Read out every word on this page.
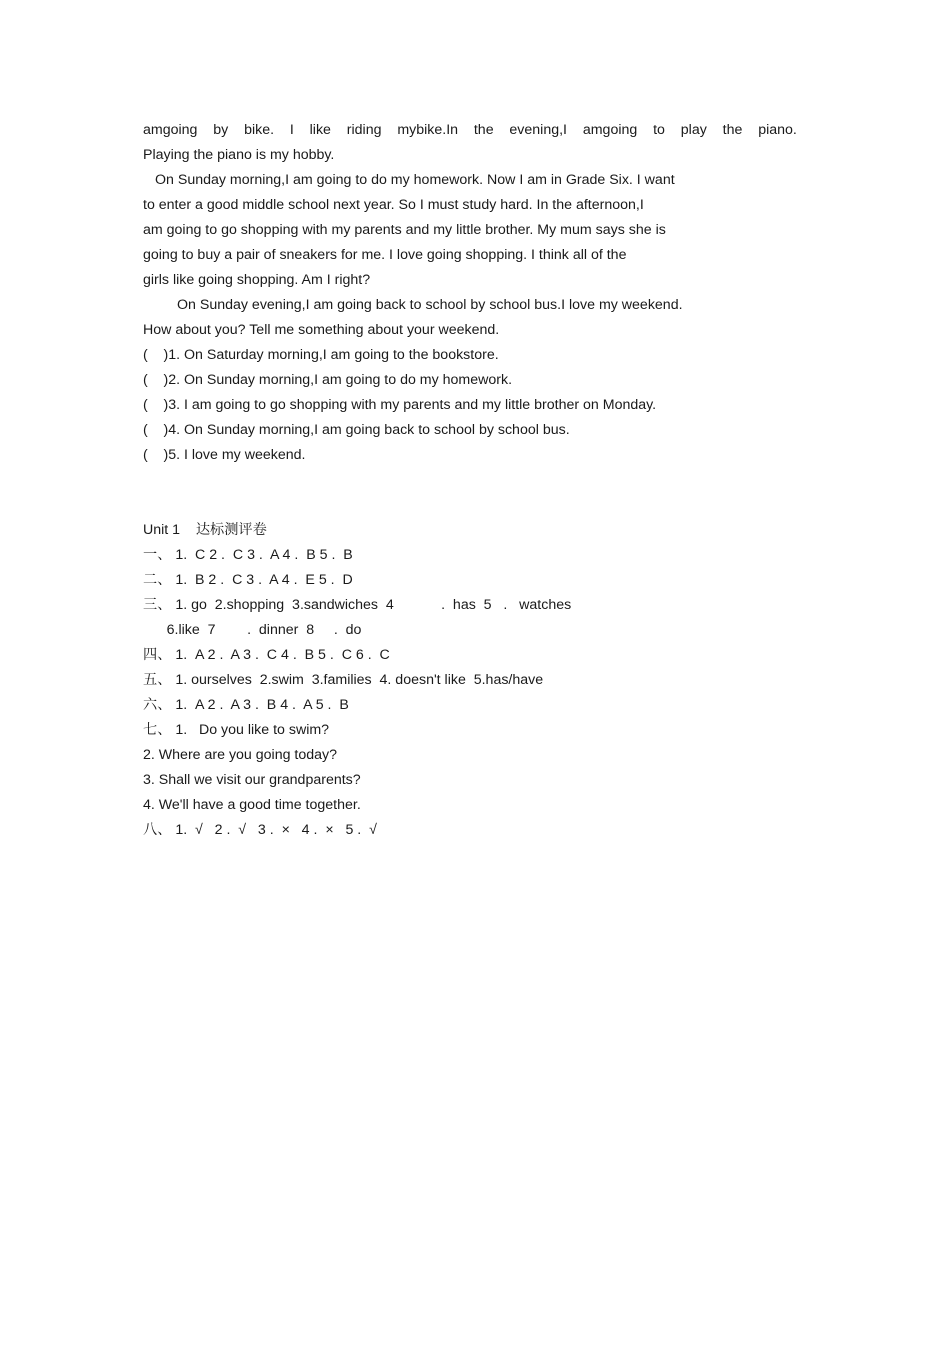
amgoing by bike. I like riding mybike.In the evening,I amgoing to play the piano.
Playing the piano is my hobby.
On Sunday morning,I am going to do my homework. Now I am in Grade Six. I want
to enter a good middle school next year. So I must study hard. In the afternoon,I
am going to go shopping with my parents and my little brother. My mum says she is
going to buy a pair of sneakers for me. I love going shopping. I think all of the
girls like going shopping. Am I right?
On Sunday evening,I am going back to school by school bus.I love my weekend.
How about you? Tell me something about your weekend.
(    )1. On Saturday morning,I am going to the bookstore.
(    )2. On Sunday morning,I am going to do my homework.
(    )3. I am going to go shopping with my parents and my little brother on Monday.
(    )4. On Sunday morning,I am going back to school by school bus.
(    )5. I love my weekend.
Unit 1    达标测评卷
一、 1.  C 2 .  C 3 .  A 4 .  B 5 .  B
二、 1.  B 2 .  C 3 .  A 4 .  E 5 .  D
三、 1. go  2.shopping  3.sandwiches  4            .  has  5   .   watches
6.like  7        .  dinner  8     .  do
四、 1.  A 2 .  A 3 .  C 4 .  B 5 .  C 6 .  C
五、 1. ourselves  2.swim  3.families  4. doesn't like  5.has/have
六、 1.  A 2 .  A 3 .  B 4 .  A 5 .  B
七、 1.   Do you like to swim?
2. Where are you going today?
3. Shall we visit our grandparents?
4. We'll have a good time together.
八、 1.  √   2 .  √   3 .  ×   4 .  ×   5 .  √
